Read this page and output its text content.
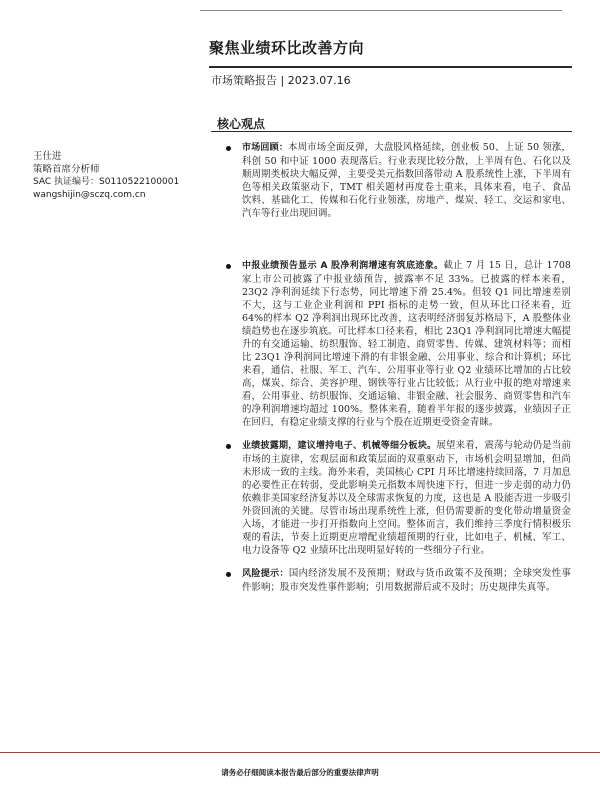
聚焦业绩环比改善方向
市场策略报告 | 2023.07.16
核心观点
王仕进
策略首席分析师
SAC 执证编号：S0110522100001
wangshijin@sczq.com.cn
市场回顾：本周市场全面反弹，大盘股风格延续，创业板 50、上证 50 领涨，科创 50 和中证 1000 表现落后。行业表现比较分散，上半周有色、石化以及顺周期类板块大幅反弹，主要受美元指数回落带动 A 股系统性上涨，下半周有色等相关政策驱动下，TMT 相关题材再度卷土重来，具体来看，电子、食品饮料、基础化工、传媒和石化行业领涨，房地产、煤炭、轻工、交运和家电、汽车等行业出现回调。
中报业绩预告显示 A 股净利润增速有筑底迹象。截止 7 月 15 日，总计 1708 家上市公司披露了中报业绩预告，披露率不足 33%。已披露的样本来看，23Q2 净利润延续下行态势，同比增速下滑 25.4%。但较 Q1 同比增速差别不大，这与工业企业利润和 PPI 指标的走势一致，但从环比口径来看，近 64%的样本 Q2 净利润出现环比改善，这表明经济弱复苏格局下，A 股整体业绩趋势也在逐步筑底。可比样本口径来看，相比 23Q1 净利润同比增速大幅提升的有交通运输、纺织服饰、轻工制造、商贸零售、传媒、建筑材料等；而相比 23Q1 净利润同比增速下滑的有非银金融、公用事业、综合和计算机；环比来看，通信、社服、军工、汽车、公用事业等行业 Q2 业绩环比增加的占比较高，煤炭、综合、美容护理、钢铁等行业占比较低；从行业中报的绝对增速来看，公用事业、纺织服饰、交通运输、非银金融、社会服务、商贸零售和汽车的净利润增速均超过 100%。整体来看，随着半年报的逐步披露，业绩因子正在回归，有稳定业绩支撑的行业与个股在近期更受资金青睐。
业绩披露期，建议增持电子、机械等细分板块。展望来看，震荡与轮动仍是当前市场的主旋律，宏观层面和政策层面的双重驱动下，市场机会明显增加，但尚未形成一致的主线。海外来看，美国核心 CPI 月环比增速持续回落，7 月加息的必要性正在转弱，受此影响美元指数本周快速下行，但进一步走弱的动力仍依赖非美国家经济复苏以及全球需求恢复的力度，这也是 A 股能否进一步吸引外资回流的关键。尽管市场出现系统性上涨，但仍需要新的变化带动增量资金入场，才能进一步打开指数向上空间。整体而言，我们维持三季度行情积极乐观的看法，节奏上近期更应增配业绩超预期的行业，比如电子、机械、军工、电力设备等 Q2 业绩环比出现明显好转的一些细分子行业。
风险提示：国内经济发展不及预期；财政与货币政策不及预期；全球突发性事件影响；股市突发性事件影响；引用数据滞后或不及时；历史规律失真等。
请务必仔细阅读本报告最后部分的重要法律声明
